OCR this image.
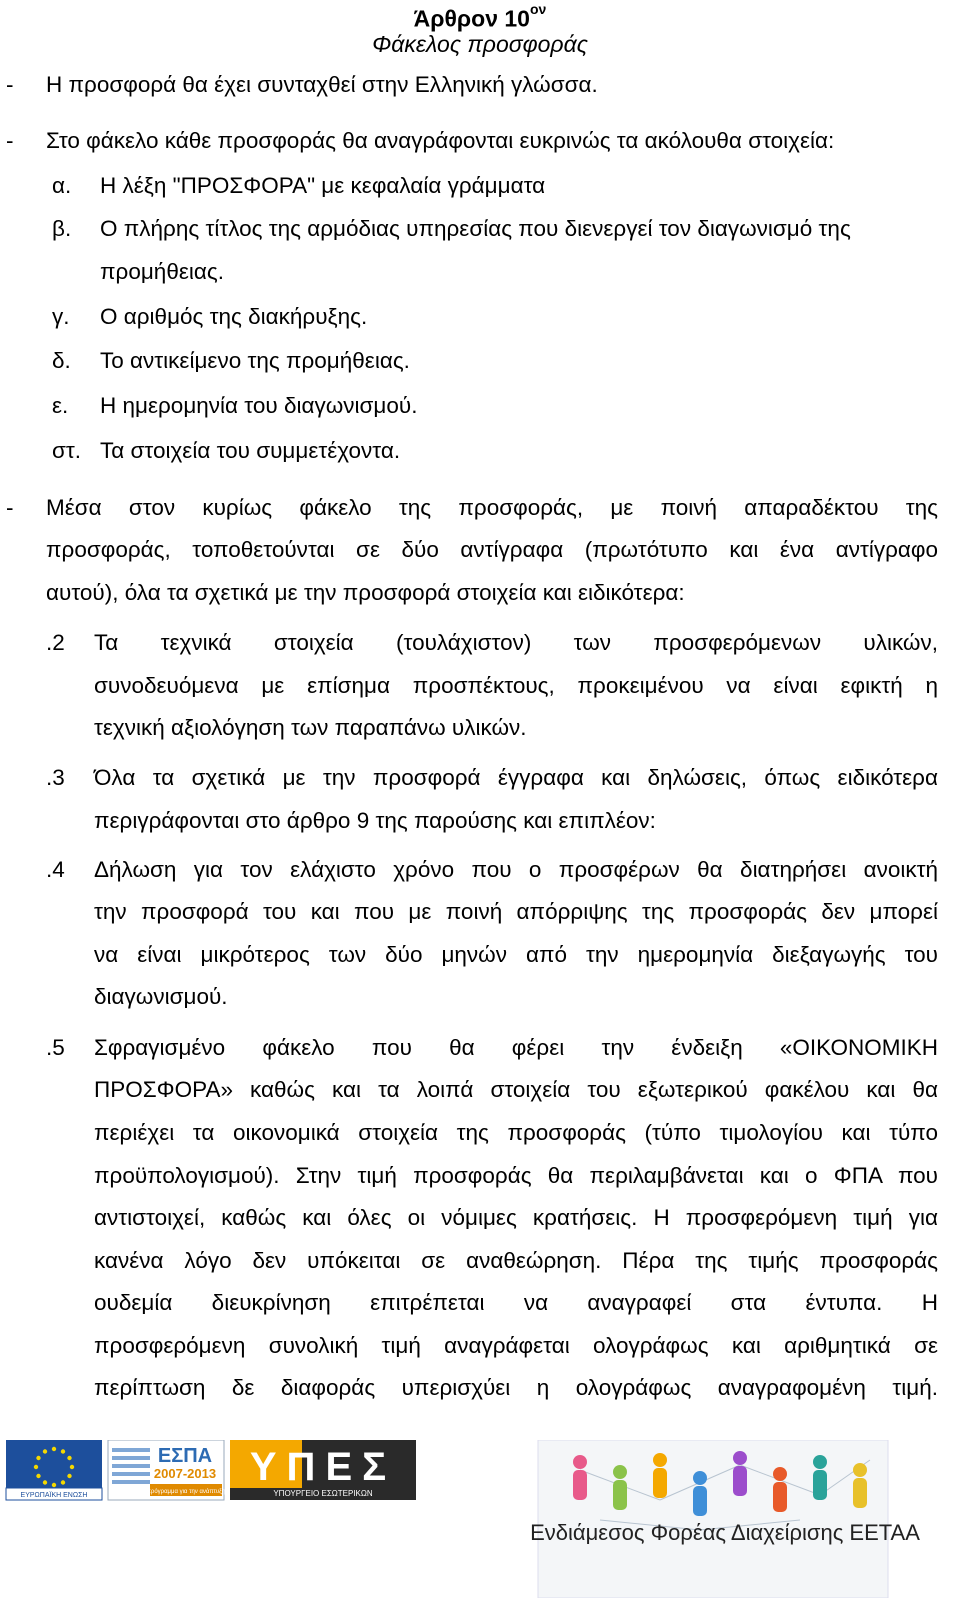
Άρθρον $10^{o\nu}$
Φάκελος προσφοράς
- Η προσφορά θα έχει συνταχθεί στην Ελληνική γλώσσα.
- Στο φάκελο κάθε προσφοράς θα αναγράφονται ευκρινώς τα ακόλουθα στοιχεία:
α. Η λέξη "ΠΡΟΣΦΟΡΑ" με κεφαλαία γράμματα
β. Ο πλήρης τίτλος της αρμόδιας υπηρεσίας που διενεργεί τον διαγωνισμό της
προμήθειας.
γ. Ο αριθμός της διακήρυξης.
δ. Το αντικείμενο της προμήθειας.
ε. Η ημερομηνία του διαγωνισμού.
στ. Τα στοιχεία του συμμετέχοντα.
- Μέσα στον κυρίως φάκελο της προσφοράς, με ποινή απαραδέκτου της
προσφοράς, τοποθετούνται σε δύο αντίγραφα (πρωτότυπο και ένα αντίγραφο
αυτού), όλα τα σχετικά με την προσφορά στοιχεία και ειδικότερα:
.2 Τα τεχνικά στοιχεία (τουλάχιστον) των προσφερόμενων υλικών,
συνοδευόμενα με επίσημα προσπέκτους, προκειμένου να είναι εφικτή η
τεχνική αξιολόγηση των παραπάνω υλικών.
.3 Όλα τα σχετικά με την προσφορά έγγραφα και δηλώσεις, όπως ειδικότερα
περιγράφονται στο άρθρο 9 της παρούσης και επιπλέον:
.4 Δήλωση για τον ελάχιστο χρόνο που ο προσφέρων θα διατηρήσει ανοικτή
την προσφορά του και που με ποινή απόρριψης της προσφοράς δεν μπορεί
να είναι μικρότερος των δύο μηνών από την ημερομηνία διεξαγωγής του
διαγωνισμού.
.5 Σφραγισμένο φάκελο που θα φέρει την ένδειξη «ΟΙΚΟΝΟΜΙΚΗ
ΠΡΟΣΦΟΡΑ» καθώς και τα λοιπά στοιχεία του εξωτερικού φακέλου και θα
περιέχει τα οικονομικά στοιχεία της προσφοράς (τύπο τιμολογίου και τύπο
προϋπολογισμού). Στην τιμή προσφοράς θα περιλαμβάνεται και ο ΦΠΑ που
αντιστοιχεί, καθώς και όλες οι νόμιμες κρατήσεις. Η προσφερόμενη τιμή για
κανένα λόγο δεν υπόκειται σε αναθεώρηση. Πέρα της τιμής προσφοράς
ουδεμία διευκρίνηση επιτρέπεται να αναγραφεί στα έντυπα. Η
προσφερόμενη συνολική τιμή αναγράφεται ολογράφως και αριθμητικά σε
περίπτωση δε διαφοράς υπερισχύει η ολογράφως αναγραφομένη τιμή.
ΕΥΡΩΠΑΪΚΗ ΕΝΩΣΗ
ΕΣΠΑ
2007-2013
πρόγραμμα για την ανάπτυξη
ΥΠΕΣ
ΥΠΟΥΡΓΕΙΟ ΕΣΩΤΕΡΙΚΩΝ
Ενδιάμεσος Φορέας Διαχείρισης ΕΕΤΑΑ
